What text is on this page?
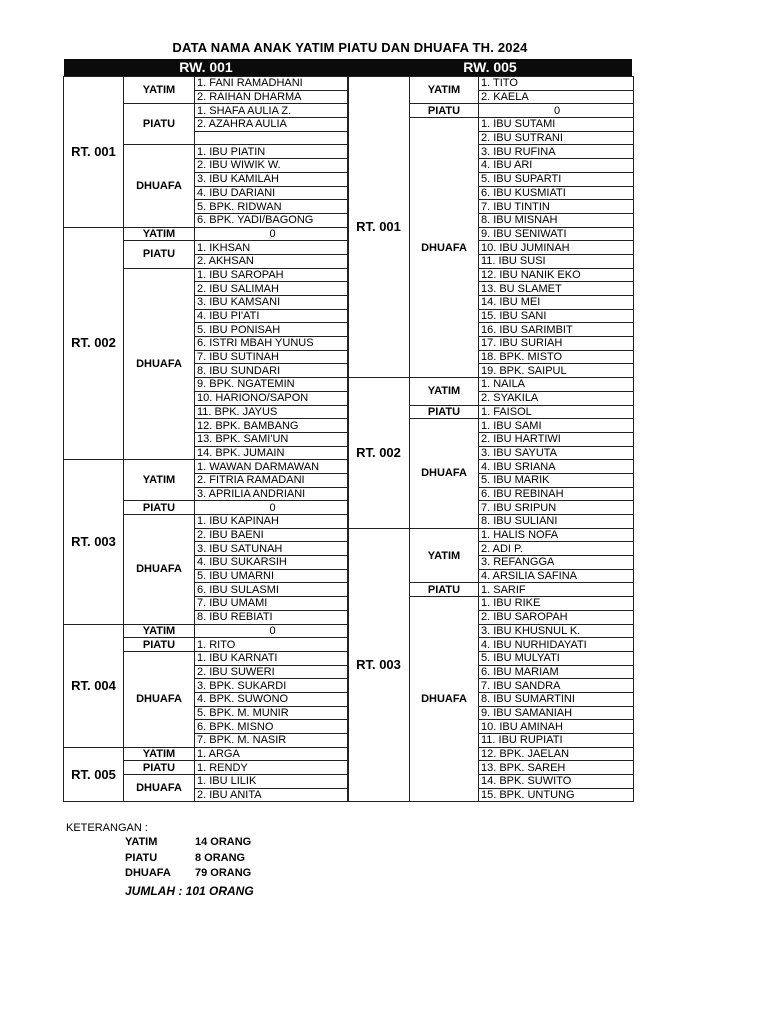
DATA NAMA ANAK YATIM PIATU DAN DHUAFA TH. 2024
RW. 001	RW. 005
RT. 001	YATIM	1. FANI RAMADHANI
		2. RAIHAN DHARMA
	PIATU	1. SHAFA AULIA Z.
		2. AZAHRA AULIA

	DHUAFA	1. IBU PIATIN
		2. IBU WIWIK W.
		3. IBU KAMILAH
		4. IBU DARIANI
		5. BPK. RIDWAN
		6. BPK. YADI/BAGONG
RT. 002	YATIM	0
	PIATU	1. IKHSAN
		2. AKHSAN
	DHUAFA	1. IBU SAROPAH
		2. IBU SALIMAH
		3. IBU KAMSANI
		4. IBU PI'ATI
		5. IBU PONISAH
		6. ISTRI MBAH YUNUS
		7. IBU SUTINAH
		8. IBU SUNDARI
		9. BPK. NGATEMIN
		10. HARIONO/SAPON
		11. BPK. JAYUS
		12. BPK. BAMBANG
		13. BPK. SAMI'UN
		14. BPK. JUMAIN
RT. 003	YATIM	1. WAWAN DARMAWAN
		2. FITRIA RAMADANI
		3. APRILIA ANDRIANI
	PIATU	0
	DHUAFA	1. IBU KAPINAH
		2. IBU BAENI
		3. IBU SATUNAH
		4. IBU SUKARSIH
		5. IBU UMARNI
		6. IBU SULASMI
		7. IBU UMAMI
		8. IBU REBIATI
RT. 004	YATIM	0
	PIATU	1. RITO
	DHUAFA	1. IBU KARNATI
		2. IBU SUWERI
		3. BPK. SUKARDI
		4. BPK. SUWONO
		5. BPK. M. MUNIR
		6. BPK. MISNO
		7. BPK. M. NASIR
RT. 005	YATIM	1. ARGA
	PIATU	1. RENDY
	DHUAFA	1. IBU LILIK
		2. IBU ANITA
RT. 001	YATIM	1. TITO
		2. KAELA
	PIATU	0
	DHUAFA	1. IBU SUTAMI
		2. IBU SUTRANI
		3. IBU RUFINA
		4. IBU ARI
		5. IBU SUPARTI
		6. IBU KUSMIATI
		7. IBU TINTIN
		8. IBU MISNAH
		9. IBU SENIWATI
		10. IBU JUMINAH
		11. IBU SUSI
		12. IBU NANIK EKO
		13. BU SLAMET
		14. IBU MEI
		15. IBU SANI
		16. IBU SARIMBIT
		17. IBU SURIAH
		18. BPK. MISTO
		19. BPK. SAIPUL
RT. 002	YATIM	1. NAILA
		2. SYAKILA
	PIATU	1. FAISOL
	DHUAFA	1. IBU SAMI
		2. IBU HARTIWI
		3. IBU SAYUTA
		4. IBU SRIANA
		5. IBU MARIK
		6. IBU REBINAH
		7. IBU SRIPUN
		8. IBU SULIANI
RT. 003	YATIM	1. HALIS NOFA
		2. ADI P.
		3. REFANGGA
		4. ARSILIA SAFINA
	PIATU	1. SARIF
	DHUAFA	1. IBU RIKE
		2. IBU SAROPAH
		3. IBU KHUSNUL K.
		4. IBU NURHIDAYATI
		5. IBU MULYATI
		6. IBU MARIAM
		7. IBU SANDRA
		8. IBU SUMARTINI
		9. IBU SAMANIAH
		10. IBU AMINAH
		11. IBU RUPIATI
		12. BPK. JAELAN
		13. BPK. SAREH
		14. BPK. SUWITO
		15. BPK. UNTUNG
KETERANGAN :
YATIM	14 ORANG
PIATU	8 ORANG
DHUAFA 79 ORANG
JUMLAH : 101 ORANG
